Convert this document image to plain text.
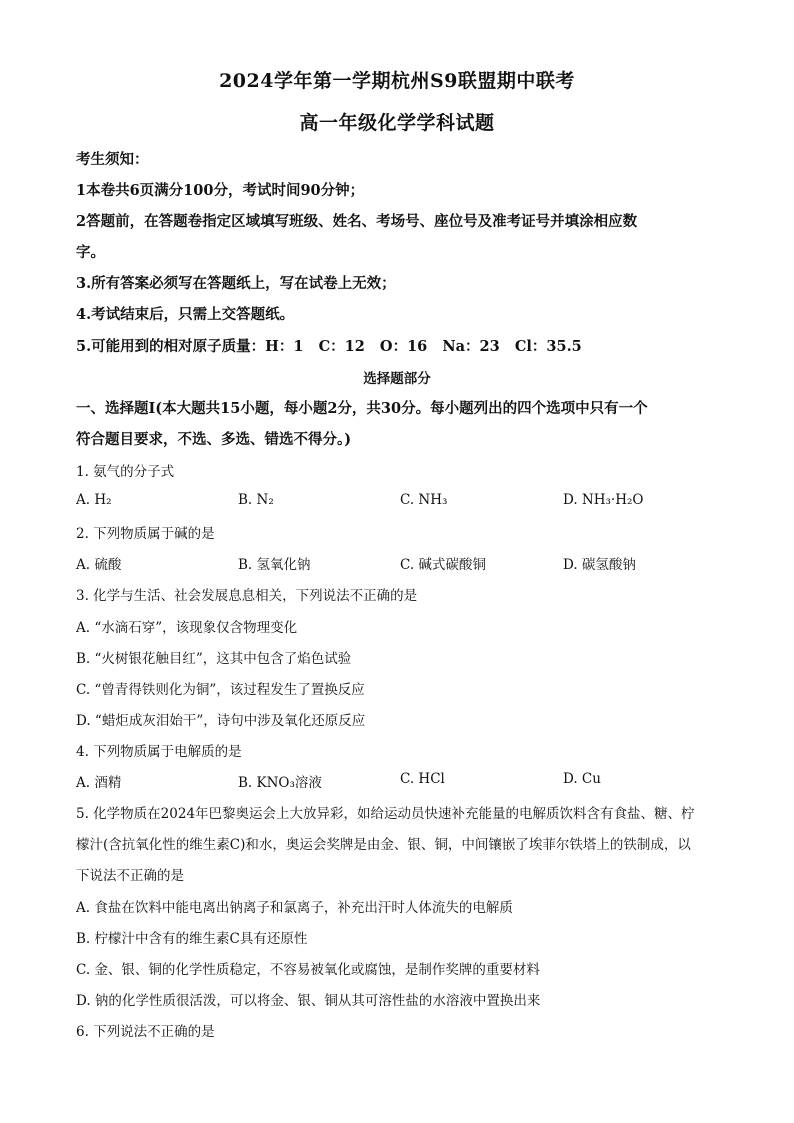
2024学年第一学期杭州S9联盟期中联考
高一年级化学学科试题
考生须知：
1本卷共6页满分100分，考试时间90分钟；
2答题前，在答题卷指定区域填写班级、姓名、考场号、座位号及准考证号并填涂相应数
字。
3.所有答案必须写在答题纸上，写在试卷上无效；
4.考试结束后，只需上交答题纸。
5.可能用到的相对原子质量：H：1   C：12   O：16   Na：23   Cl：35.5
选择题部分
一、选择题I(本大题共15小题，每小题2分，共30分。每小题列出的四个选项中只有一个
符合题目要求，不选、多选、错选不得分。)
1. 氨气的分子式
A. H₂	B. N₂	C. NH₃	D. NH₃·H₂O
2. 下列物质属于碱的是
A. 硫酸	B. 氢氧化钠	C. 碱式碳酸铜	D. 碳氢酸钠
3. 化学与生活、社会发展息息相关，下列说法不正确的是
A. “水滴石穿”，该现象仅含物理变化
B. “火树银花触目红”，这其中包含了焰色试验
C. “曾青得铁则化为铜”，该过程发生了置换反应
D. “蜡炬成灰泪始干”，诗句中涉及氧化还原反应
4. 下列物质属于电解质的是
A. 酒精	B. KNO₃溶液	C. HCl	D. Cu
5. 化学物质在2024年巴黎奥运会上大放异彩，如给运动员快速补充能量的电解质饮料含有食盐、糖、柠
檬汁(含抗氧化性的维生素C)和水，奥运会奖牌是由金、银、铜，中间镶嵌了埃菲尔铁塔上的铁制成，以
下说法不正确的是
A. 食盐在饮料中能电离出钠离子和氯离子，补充出汗时人体流失的电解质
B. 柠檬汁中含有的维生素C具有还原性
C. 金、银、铜的化学性质稳定，不容易被氧化或腐蚀，是制作奖牌的重要材料
D. 钠的化学性质很活泼，可以将金、银、铜从其可溶性盐的水溶液中置换出来
6. 下列说法不正确的是
